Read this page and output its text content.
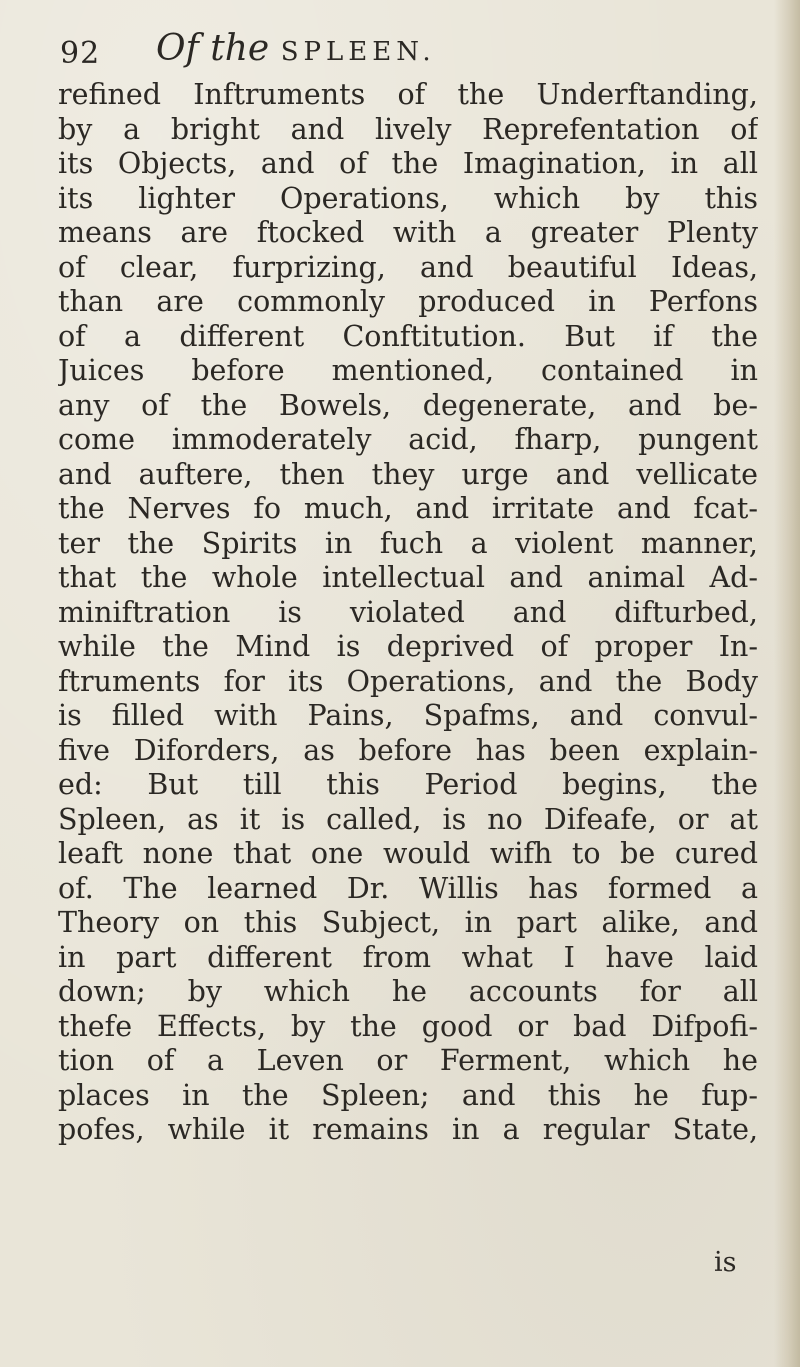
92 Of the SPLEEN.
refined Inftruments of the Underftanding,
by a bright and lively Reprefentation of
its Objects, and of the Imagination, in all
its lighter Operations, which by this
means are ftocked with a greater Plenty
of clear, furprizing, and beautiful Ideas,
than are commonly produced in Perfons
of a different Conftitution. But if the
Juices before mentioned, contained in
any of the Bowels, degenerate, and be-
come immoderately acid, fharp, pungent
and auftere, then they urge and vellicate
the Nerves fo much, and irritate and fcat-
ter the Spirits in fuch a violent manner,
that the whole intellectual and animal Ad-
miniftration is violated and difturbed,
while the Mind is deprived of proper In-
ftruments for its Operations, and the Body
is filled with Pains, Spafms, and convul-
five Diforders, as before has been explain-
ed: But till this Period begins, the
Spleen, as it is called, is no Difeafe, or at
leaft none that one would wifh to be cured
of. The learned Dr. Willis has formed a
Theory on this Subject, in part alike, and
in part different from what I have laid
down; by which he accounts for all
thefe Effects, by the good or bad Difpofi-
tion of a Leven or Ferment, which he
places in the Spleen; and this he fup-
pofes, while it remains in a regular State,
is
